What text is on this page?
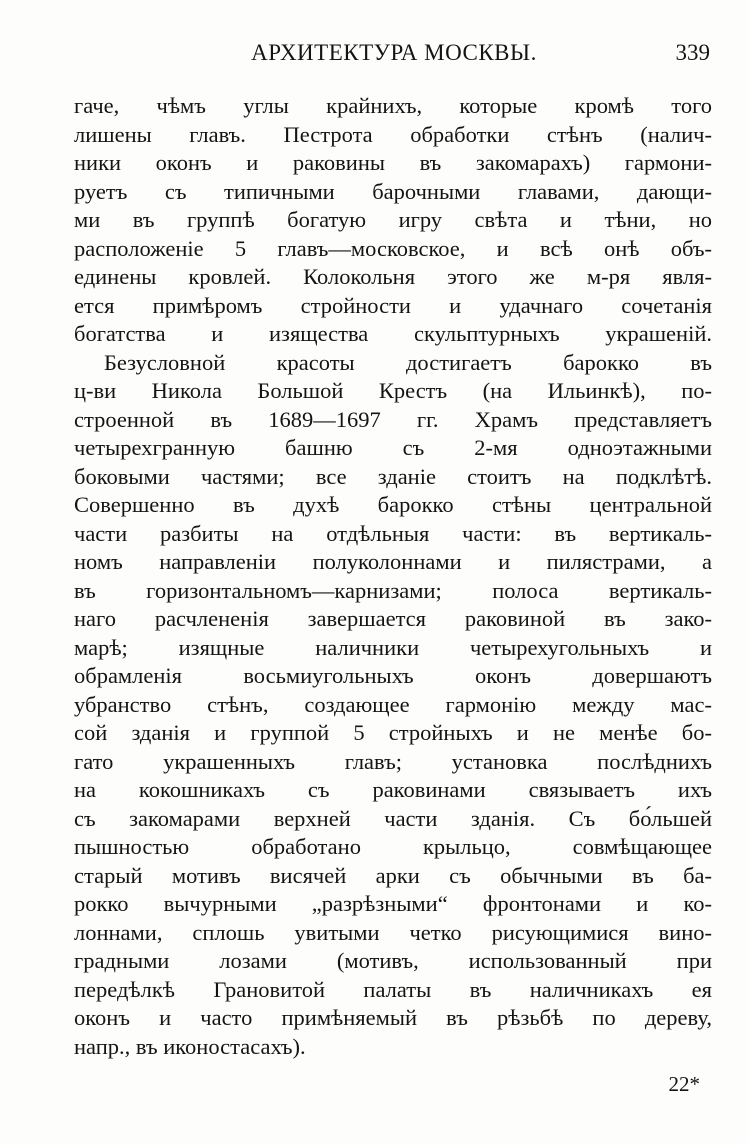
АРХИТЕКТУРА МОСКВЫ.	339
гаче, чѣмъ углы крайнихъ, которые кромѣ того
лишены главъ. Пестрота обработки стѣнъ (налич-
ники оконъ и раковины въ закомарахъ) гармони-
руетъ съ типичными барочными главами, дающи-
ми въ группѣ богатую игру свѣта и тѣни, но
расположенiе 5 главъ—московское, и всѣ онѣ объ-
единены кровлей. Колокольня этого же м-ря явля-
ется примѣромъ стройности и удачнаго сочетанiя
богатства и изящества скульптурныхъ украшенiй.
Безусловной красоты достигаетъ барокко въ
ц-ви Никола Большой Крестъ (на Ильинкѣ), по-
строенной въ 1689—1697 гг. Храмъ представляетъ
четырехгранную башню съ 2-мя одноэтажными
боковыми частями; все зданiе стоитъ на подклѣтѣ.
Совершенно въ духѣ барокко стѣны центральной
части разбиты на отдѣльныя части: въ вертикаль-
номъ направленiи полуколоннами и пилястрами, а
въ горизонтальномъ—карнизами; полоса вертикаль-
наго расчлененiя завершается раковиной въ зако-
марѣ; изящные наличники четырехугольныхъ и
обрамленiя восьмиугольныхъ оконъ довершаютъ
убранство стѣнъ, создающее гармонiю между мас-
сой зданiя и группой 5 стройныхъ и не менѣе бо-
гато украшенныхъ главъ; установка послѣднихъ
на кокошникахъ съ раковинами связываетъ ихъ
съ закомарами верхней части зданiя. Съ бо́льшей
пышностью обработано крыльцо, совмѣщающее
старый мотивъ висячей арки съ обычными въ ба-
рокко вычурными „разрѣзными“ фронтонами и ко-
лоннами, сплошь увитыми четко рисующимися вино-
градными лозами (мотивъ, использованный при
передѣлкѣ Грановитой палаты въ наличникахъ ея
оконъ и часто примѣняемый въ рѣзьбѣ по дереву,
напр., въ иконостасахъ).
22*
